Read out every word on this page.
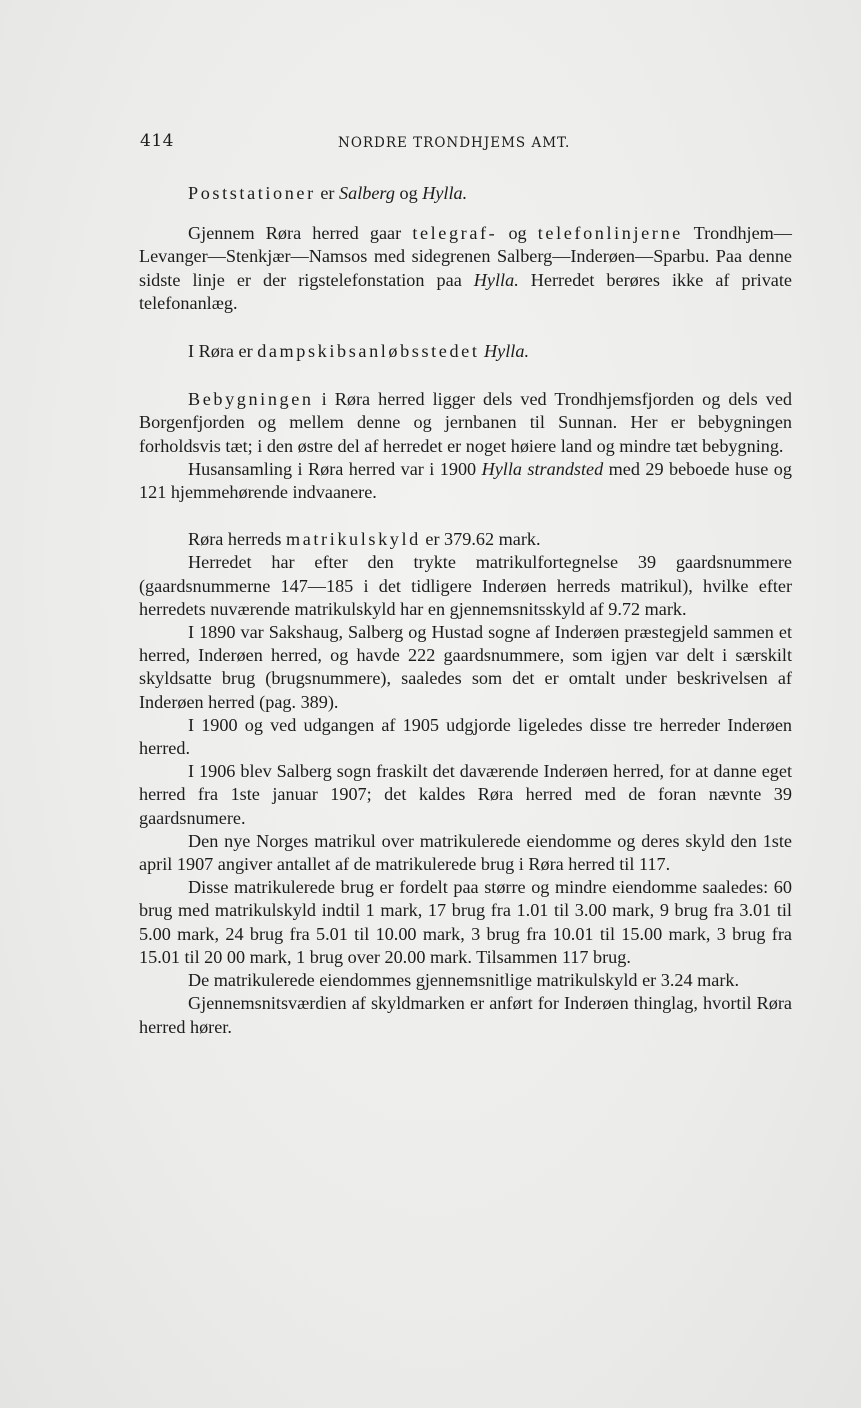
414	NORDRE TRONDHJEMS AMT.

Poststationer er Salberg og Hylla.

Gjennem Røra herred gaar telegraf- og telefonlinjerne Trondhjem—Levanger—Stenkjær—Namsos med sidegrenen Salberg—Inderøen—Sparbu. Paa denne sidste linje er der rigstelefonstation paa Hylla. Herredet berøres ikke af private telefonanlæg.

I Røra er dampskibsanløbsstedet Hylla.

Bebygningen i Røra herred ligger dels ved Trondhjemsfjorden og dels ved Borgenfjorden og mellem denne og jernbanen til Sunnan. Her er bebygningen forholdsvis tæt; i den østre del af herredet er noget høiere land og mindre tæt bebygning.

Husansamling i Røra herred var i 1900 Hylla strandsted med 29 beboede huse og 121 hjemmehørende indvaanere.

Røra herreds matrikulskyld er 379.62 mark.

Herredet har efter den trykte matrikulfortegnelse 39 gaardsnummere (gaardsnummerne 147—185 i det tidligere Inderøen herreds matrikul), hvilke efter herredets nuværende matrikulskyld har en gjennemsnitsskyld af 9.72 mark.

I 1890 var Sakshaug, Salberg og Hustad sogne af Inderøen præstegjeld sammen et herred, Inderøen herred, og havde 222 gaardsnummere, som igjen var delt i særskilt skyldsatte brug (brugsnummere), saaledes som det er omtalt under beskrivelsen af Inderøen herred (pag. 389).

I 1900 og ved udgangen af 1905 udgjorde ligeledes disse tre herreder Inderøen herred.

I 1906 blev Salberg sogn fraskilt det daværende Inderøen herred, for at danne eget herred fra 1ste januar 1907; det kaldes Røra herred med de foran nævnte 39 gaardsnumere.

Den nye Norges matrikul over matrikulerede eiendomme og deres skyld den 1ste april 1907 angiver antallet af de matrikulerede brug i Røra herred til 117.

Disse matrikulerede brug er fordelt paa større og mindre eiendomme saaledes: 60 brug med matrikulskyld indtil 1 mark, 17 brug fra 1.01 til 3.00 mark, 9 brug fra 3.01 til 5.00 mark, 24 brug fra 5.01 til 10.00 mark, 3 brug fra 10.01 til 15.00 mark, 3 brug fra 15.01 til 20 00 mark, 1 brug over 20.00 mark. Tilsammen 117 brug.

De matrikulerede eiendommes gjennemsnitlige matrikulskyld er 3.24 mark.

Gjennemsnitsværdien af skyldmarken er anført for Inderøen thinglag, hvortil Røra herred hører.
